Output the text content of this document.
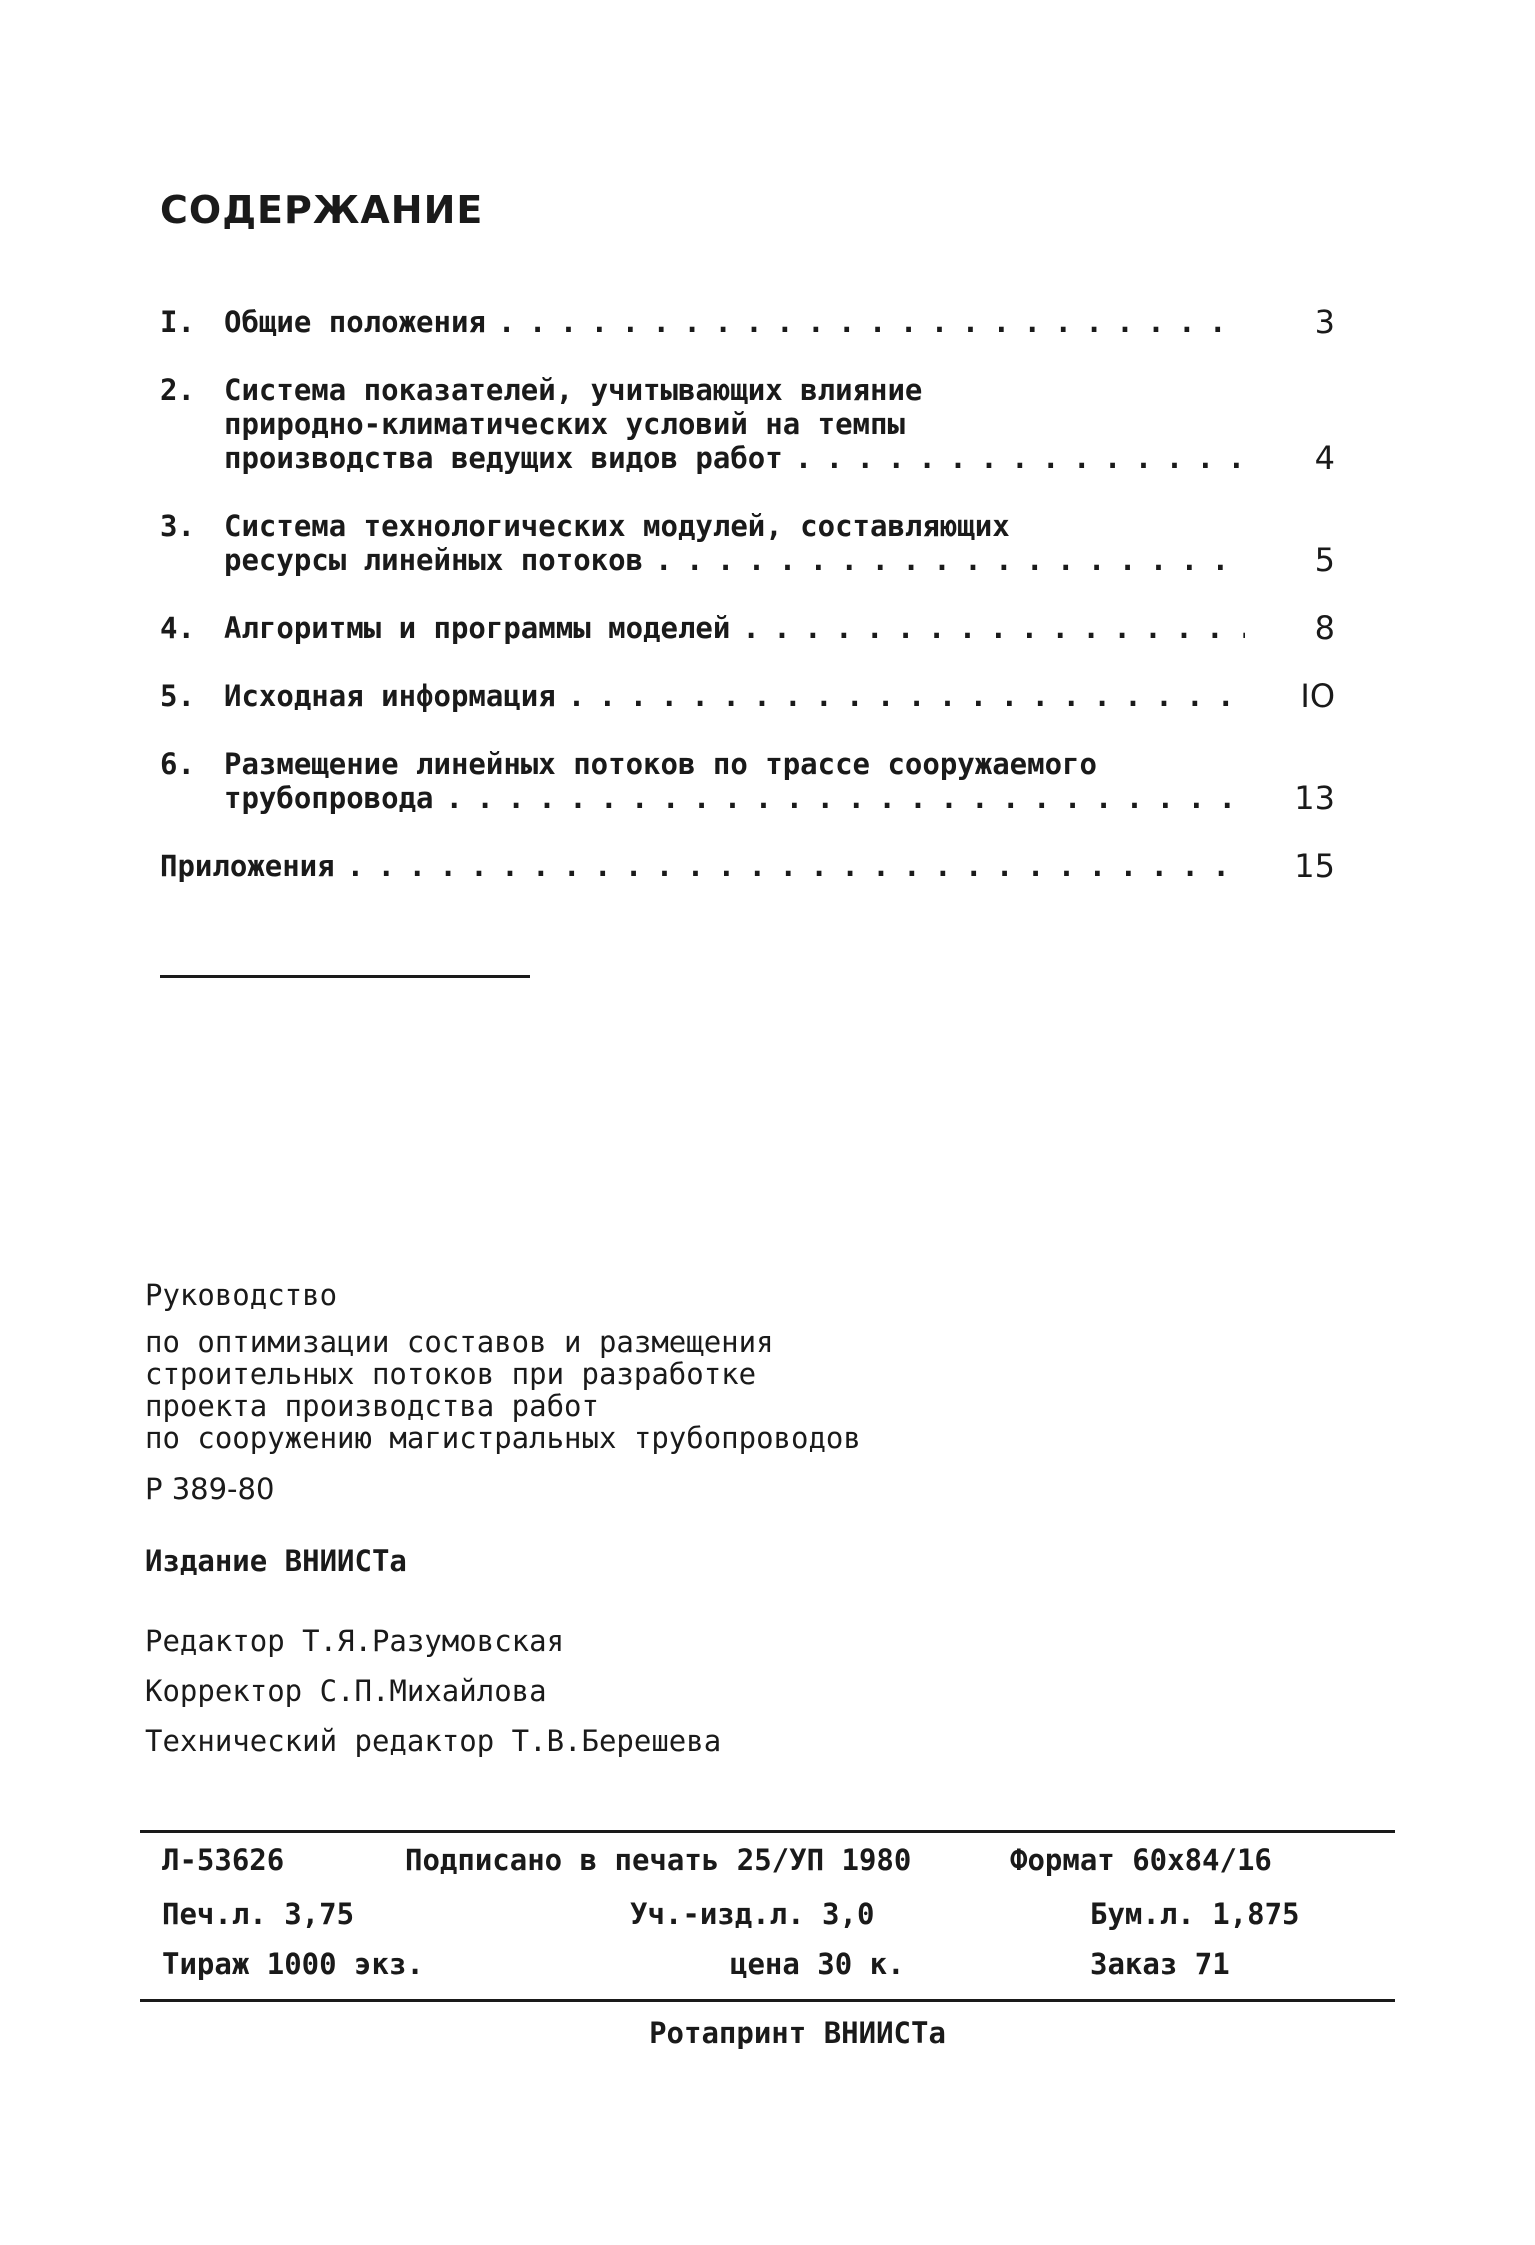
СОДЕРЖАНИЕ
I. Общие положения . . .	3
2. Система показателей, учитывающих влияние
природно-климатических условий на темпы
производства ведущих видов работ . . .	4
3. Система технологических модулей, составляющих
ресурсы линейных потоков . . .	5
4. Алгоритмы и программы моделей . . .	8
5. Исходная информация . . .	IO
6. Размещение линейных потоков по трассе сооружаемого
трубопровода . . .	13
Приложения . . .	15
Руководство
по оптимизации составов и размещения
строительных потоков при разработке
проекта производства работ
по сооружению магистральных трубопроводов
Р 389-80
Издание ВНИИСТа
Редактор Т.Я.Разумовская
Корректор С.П.Михайлова
Технический редактор Т.В.Берешева
Л-53626	Подписано в печать 25/УП 1980	Формат 60x84/16
Печ.л. 3,75	Уч.-изд.л. 3,0	Бум.л. 1,875
Тираж 1000 экз.	цена 30 к.	Заказ 71
Ротапринт ВНИИСТа
